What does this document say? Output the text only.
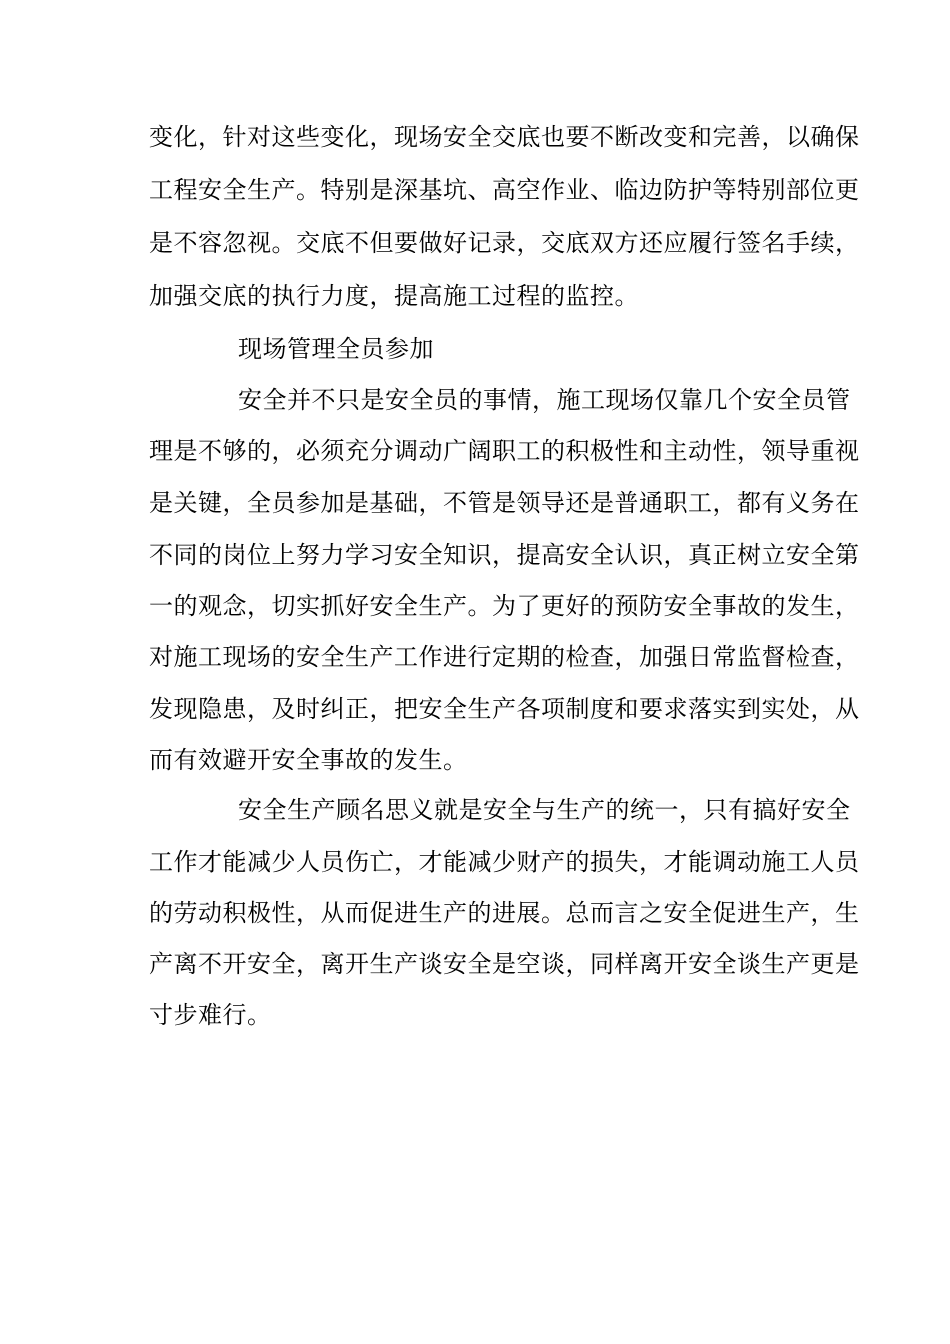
变化，针对这些变化，现场安全交底也要不断改变和完善，以确保
工程安全生产。特别是深基坑、高空作业、临边防护等特别部位更
是不容忽视。交底不但要做好记录，交底双方还应履行签名手续，
加强交底的执行力度，提高施工过程的监控。
现场管理全员参加
安全并不只是安全员的事情，施工现场仅靠几个安全员管
理是不够的，必须充分调动广阔职工的积极性和主动性，领导重视
是关键，全员参加是基础，不管是领导还是普通职工，都有义务在
不同的岗位上努力学习安全知识，提高安全认识，真正树立安全第
一的观念，切实抓好安全生产。为了更好的预防安全事故的发生，
对施工现场的安全生产工作进行定期的检查，加强日常监督检查，
发现隐患，及时纠正，把安全生产各项制度和要求落实到实处，从
而有效避开安全事故的发生。
安全生产顾名思义就是安全与生产的统一，只有搞好安全
工作才能减少人员伤亡，才能减少财产的损失，才能调动施工人员
的劳动积极性，从而促进生产的进展。总而言之安全促进生产，生
产离不开安全，离开生产谈安全是空谈，同样离开安全谈生产更是
寸步难行。
